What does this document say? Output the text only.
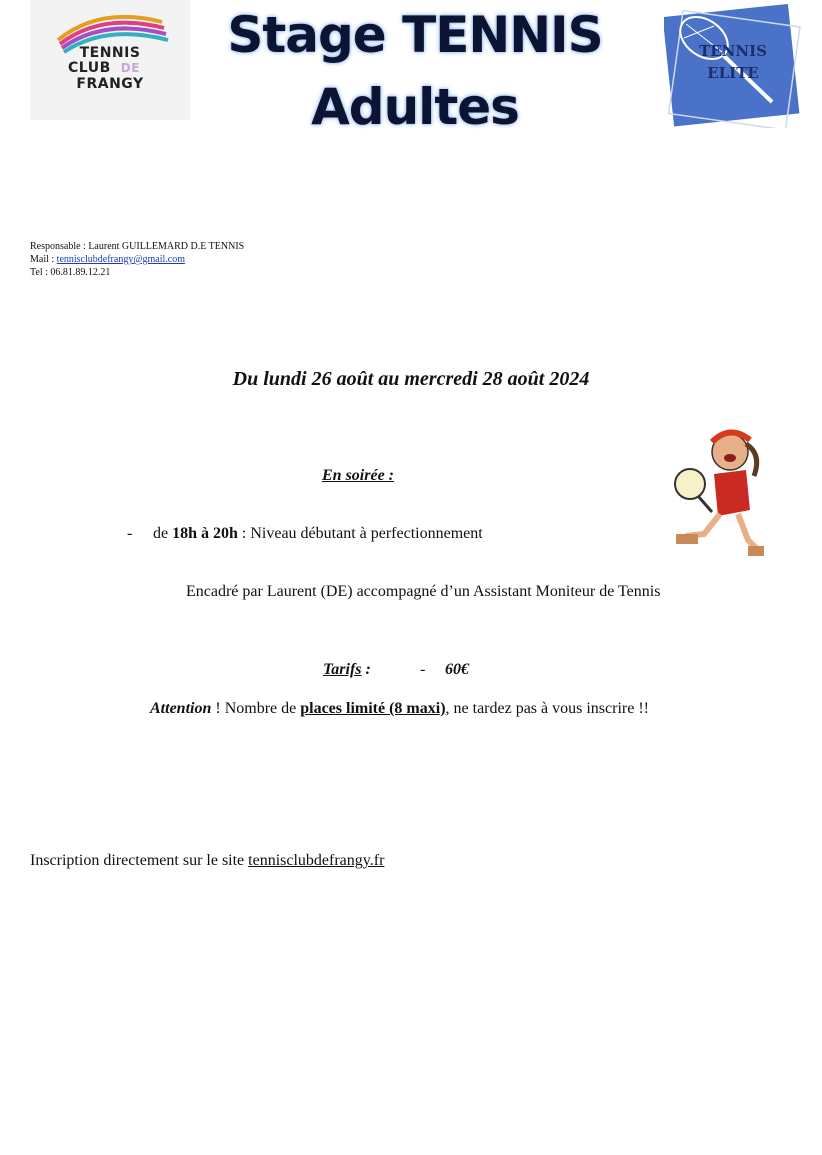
TENNIS
CLUB DE
FRANGY
Stage TENNIS
Adultes
TENNIS
ELITE
Responsable : Laurent GUILLEMARD D.E TENNIS
Mail : tennisclubdefrangy@gmail.com
Tel : 06.81.89.12.21
Du lundi 26 août au mercredi 28 août 2024
En soirée :
- de 18h à 20h : Niveau débutant à perfectionnement
Encadré par Laurent (DE) accompagné d’un Assistant Moniteur de Tennis
Tarifs :	- 60€
Attention ! Nombre de places limité (8 maxi), ne tardez pas à vous inscrire !!
Inscription directement sur le site tennisclubdefrangy.fr
